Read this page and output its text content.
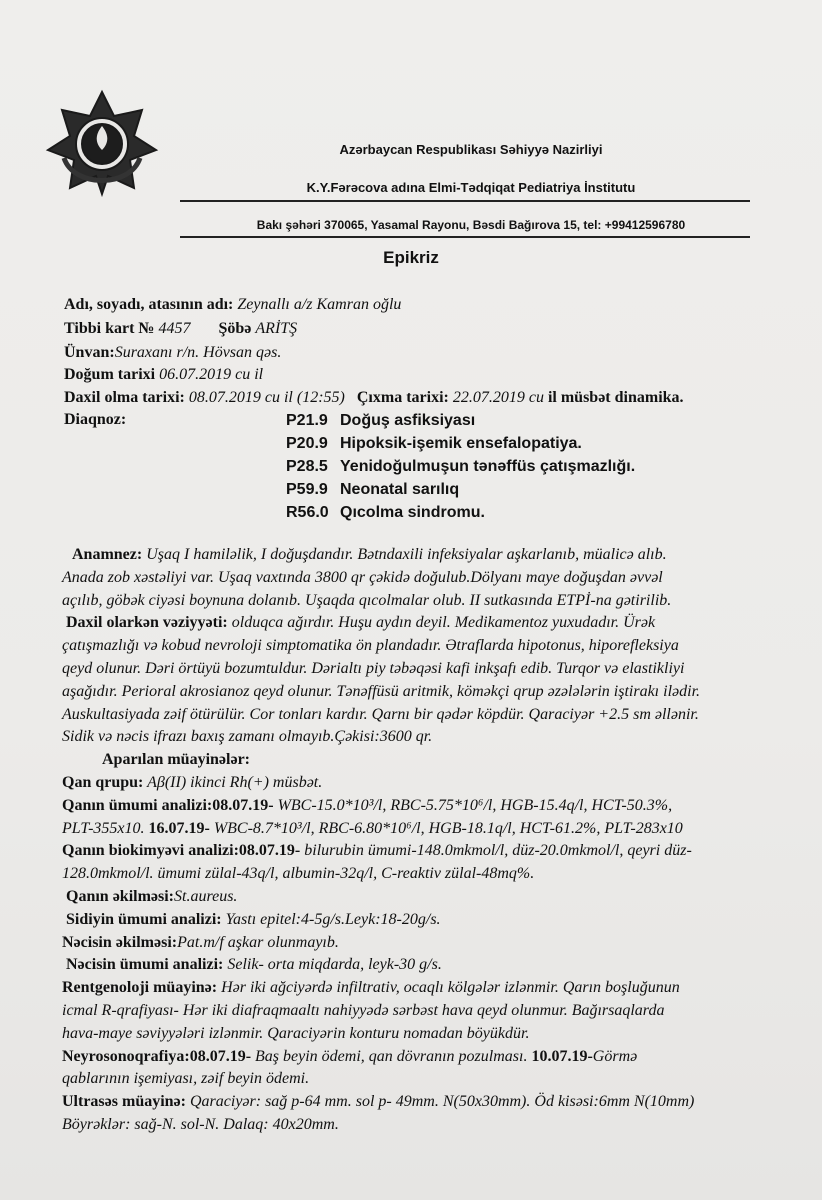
Azərbaycan Respublikası Səhiyyə Nazirliyi
K.Y.Fərəcova adına Elmi-Tədqiqat Pediatriya İnstitutu
Bakı şəhəri 370065, Yasamal Rayonu, Bəsdi Bağırova 15, tel: +99412596780
Epikriz
Adı, soyadı, atasının adı: Zeynallı a/z Kamran oğlu
Tibbi kart № 4457 Şöbə ARİTŞ
Ünvan:Suraxanı r/n. Hövsan qəs.
Doğum tarixi 06.07.2019 cu il
Daxil olma tarixi: 08.07.2019 cu il (12:55) Çıxma tarixi: 22.07.2019 cu il müsbət dinamika.
Diaqnoz:	P21.9 Doğuş asfiksiyası
P20.9 Hipoksik-işemik ensefalopatiya.
P28.5 Yenidoğulmuşun tənəffüs çatışmazlığı.
P59.9 Neonatal sarılıq
R56.0 Qıcolma sindromu.
Anamnez: Uşaq I hamiləlik, I doğuşdandır. Bətndaxili infeksiyalar aşkarlanıb, müalicə alıb.
Anada zob xəstəliyi var. Uşaq vaxtında 3800 qr çəkidə doğulub.Dölyanı maye doğuşdan əvvəl
açılıb, göbək ciyəsi boynuna dolanıb. Uşaqda qıcolmalar olub. II sutkasında ETPİ-na gətirilib.
Daxil olarkən vəziyyəti: olduqca ağırdır. Huşu aydın deyil. Medikamentoz yuxudadır. Ürək
çatışmazlığı və kobud nevroloji simptomatika ön plandadır. Ətraflarda hipotonus, hiporefleksiya
qeyd olunur. Dəri örtüyü bozumtuldur. Dərialtı piy təbəqəsi kafi inkşafı edib. Turqor və elastikliyi
aşağıdır. Perioral akrosianoz qeyd olunur. Tənəffüsü aritmik, köməkçi qrup əzələlərin iştirakı ilədir.
Auskultasiyada zəif ötürülür. Cor tonları kardır. Qarnı bir qədər köpdür. Qaraciyər +2.5 sm əllənir.
Sidik və nəcis ifrazı baxış zamanı olmayıb.Çəkisi:3600 qr.
Aparılan müayinələr:
Qan qrupu: Aβ(II) ikinci Rh(+) müsbət.
Qanın ümumi analizi:08.07.19- WBC-15.0*10³/l, RBC-5.75*10⁶/l, HGB-15.4q/l, HCT-50.3%,
PLT-355x10. 16.07.19- WBC-8.7*10³/l, RBC-6.80*10⁶/l, HGB-18.1q/l, HCT-61.2%, PLT-283x10
Qanın biokimyəvi analizi:08.07.19- bilurubin ümumi-148.0mkmol/l, düz-20.0mkmol/l, qeyri düz-
128.0mkmol/l. ümumi zülal-43q/l, albumin-32q/l, C-reaktiv zülal-48mq%.
Qanın əkilməsi:St.aureus.
Sidiyin ümumi analizi: Yastı epitel:4-5g/s.Leyk:18-20g/s.
Nəcisin əkilməsi:Pat.m/f aşkar olunmayıb.
Nəcisin ümumi analizi: Selik- orta miqdarda, leyk-30 g/s.
Rentgenoloji müayinə: Hər iki ağciyərdə infiltrativ, ocaqlı kölgələr izlənmir. Qarın boşluğunun
icmal R-qrafiyası- Hər iki diafraqmaaltı nahiyyədə sərbəst hava qeyd olunmur. Bağırsaqlarda
hava-maye səviyyələri izlənmir. Qaraciyərin konturu nomadan böyükdür.
Neyrosonoqrafiya:08.07.19- Baş beyin ödemi, qan dövranın pozulması. 10.07.19-Görmə
qablarının işemiyası, zəif beyin ödemi.
Ultrasəs müayinə: Qaraciyər: sağ p-64 mm. sol p- 49mm. N(50x30mm). Öd kisəsi:6mm N(10mm)
Böyrəklər: sağ-N. sol-N. Dalaq: 40x20mm.
